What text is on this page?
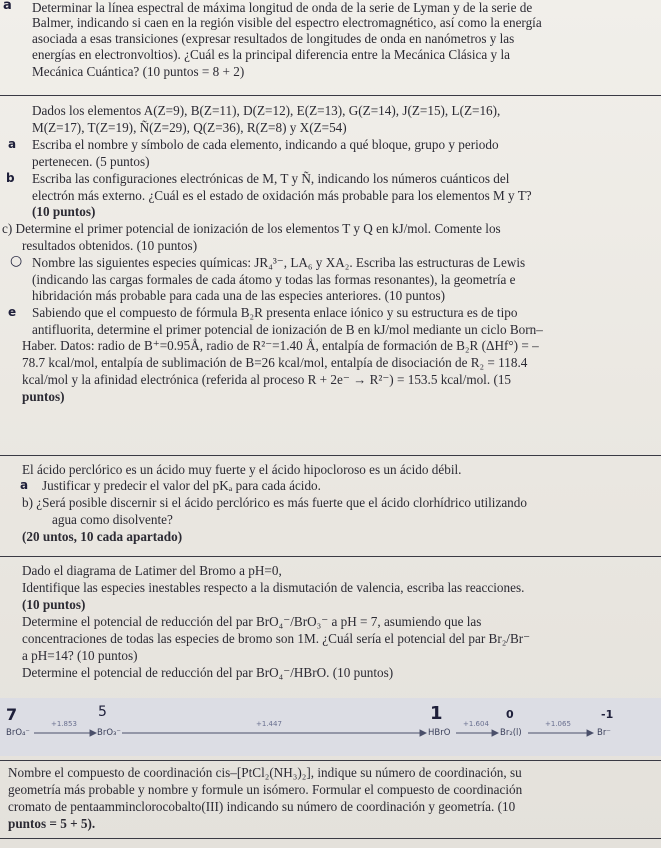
a Determinar la línea espectral de máxima longitud de onda de la serie de Lyman y de la serie de
Balmer, indicando si caen en la región visible del espectro electromagnético, así como la energía
asociada a esas transiciones (expresar resultados de longitudes de onda en nanómetros y las
energías en electronvoltios). ¿Cuál es la principal diferencia entre la Mecánica Clásica y la
Mecánica Cuántica? (10 puntos = 8 + 2)
Dados los elementos A(Z=9), B(Z=11), D(Z=12), E(Z=13), G(Z=14), J(Z=15), L(Z=16),
M(Z=17), T(Z=19), Ñ(Z=29), Q(Z=36), R(Z=8) y X(Z=54)
a Escriba el nombre y símbolo de cada elemento, indicando a qué bloque, grupo y periodo
pertenecen. (5 puntos)
b Escriba las configuraciones electrónicas de M, T y Ñ, indicando los números cuánticos del
electrón más externo. ¿Cuál es el estado de oxidación más probable para los elementos M y T?
(10 puntos)
c) Determine el primer potencial de ionización de los elementos T y Q en kJ/mol. Comente los
resultados obtenidos. (10 puntos)
○ Nombre las siguientes especies químicas: JR₄³⁻, LA₆ y XA₂. Escriba las estructuras de Lewis
(indicando las cargas formales de cada átomo y todas las formas resonantes), la geometría e
hibridación más probable para cada una de las especies anteriores. (10 puntos)
e Sabiendo que el compuesto de fórmula B₂R presenta enlace iónico y su estructura es de tipo
antifluorita, determine el primer potencial de ionización de B en kJ/mol mediante un ciclo Born–
Haber. Datos: radio de B⁺=0.95Å, radio de R²⁻=1.40 Å, entalpía de formación de B₂R (ΔHf°) = –
78.7 kcal/mol, entalpía de sublimación de B=26 kcal/mol, entalpía de disociación de R₂ = 118.4
kcal/mol y la afinidad electrónica (referida al proceso R + 2e⁻ → R²⁻) = 153.5 kcal/mol. (15
puntos)
El ácido perclórico es un ácido muy fuerte y el ácido hipocloroso es un ácido débil.
a Justificar y predecir el valor del pKₐ para cada ácido.
b) ¿Será posible discernir si el ácido perclórico es más fuerte que el ácido clorhídrico utilizando
agua como disolvente?
(20 untos, 10 cada apartado)
Dado el diagrama de Latimer del Bromo a pH=0,
Identifique las especies inestables respecto a la dismutación de valencia, escriba las reacciones.
(10 puntos)
Determine el potencial de reducción del par BrO₄⁻/BrO₃⁻ a pH = 7, asumiendo que las
concentraciones de todas las especies de bromo son 1M. ¿Cuál sería el potencial del par Br₂/Br⁻
a pH=14? (10 puntos)
Determine el potencial de reducción del par BrO₄⁻/HBrO. (10 puntos)
7	5	1	0	-1
BrO₄⁻	BrO₃⁻	HBrO	Br₂(l)	Br⁻
+1.853	+1.447	+1.604	+1.065
Nombre el compuesto de coordinación cis–[PtCl₂(NH₃)₂], indique su número de coordinación, su
geometría más probable y nombre y formule un isómero. Formular el compuesto de coordinación
cromato de pentaamminclorocobalto(III) indicando su número de coordinación y geometría. (10
puntos = 5 + 5).
